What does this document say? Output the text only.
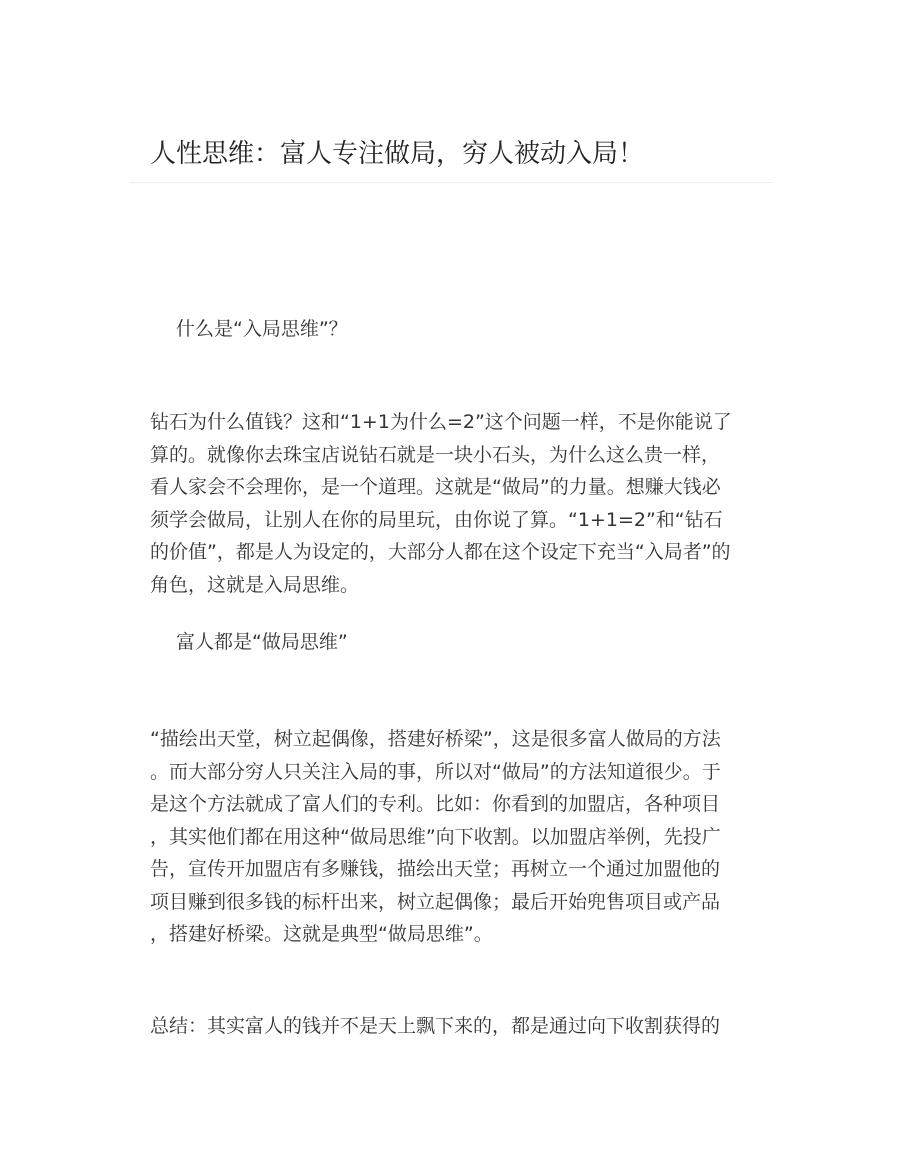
人性思维：富人专注做局，穷人被动入局！
什么是“入局思维”？

钻石为什么值钱？这和“1+1为什么=2”这个问题一样，不是你能说了
算的。就像你去珠宝店说钻石就是一块小石头，为什么这么贵一样，
看人家会不会理你，是一个道理。这就是“做局”的力量。想赚大钱必
须学会做局，让别人在你的局里玩，由你说了算。“1+1=2”和“钻石
的价值”，都是人为设定的，大部分人都在这个设定下充当“入局者”的
角色，这就是入局思维。

富人都是“做局思维”

“描绘出天堂，树立起偶像，搭建好桥梁”，这是很多富人做局的方法
。而大部分穷人只关注入局的事，所以对“做局”的方法知道很少。于
是这个方法就成了富人们的专利。比如：你看到的加盟店，各种项目
，其实他们都在用这种“做局思维”向下收割。以加盟店举例，先投广
告，宣传开加盟店有多赚钱，描绘出天堂；再树立一个通过加盟他的
项目赚到很多钱的标杆出来，树立起偶像；最后开始兜售项目或产品
，搭建好桥梁。这就是典型“做局思维”。

总结：其实富人的钱并不是天上飘下来的，都是通过向下收割获得的
